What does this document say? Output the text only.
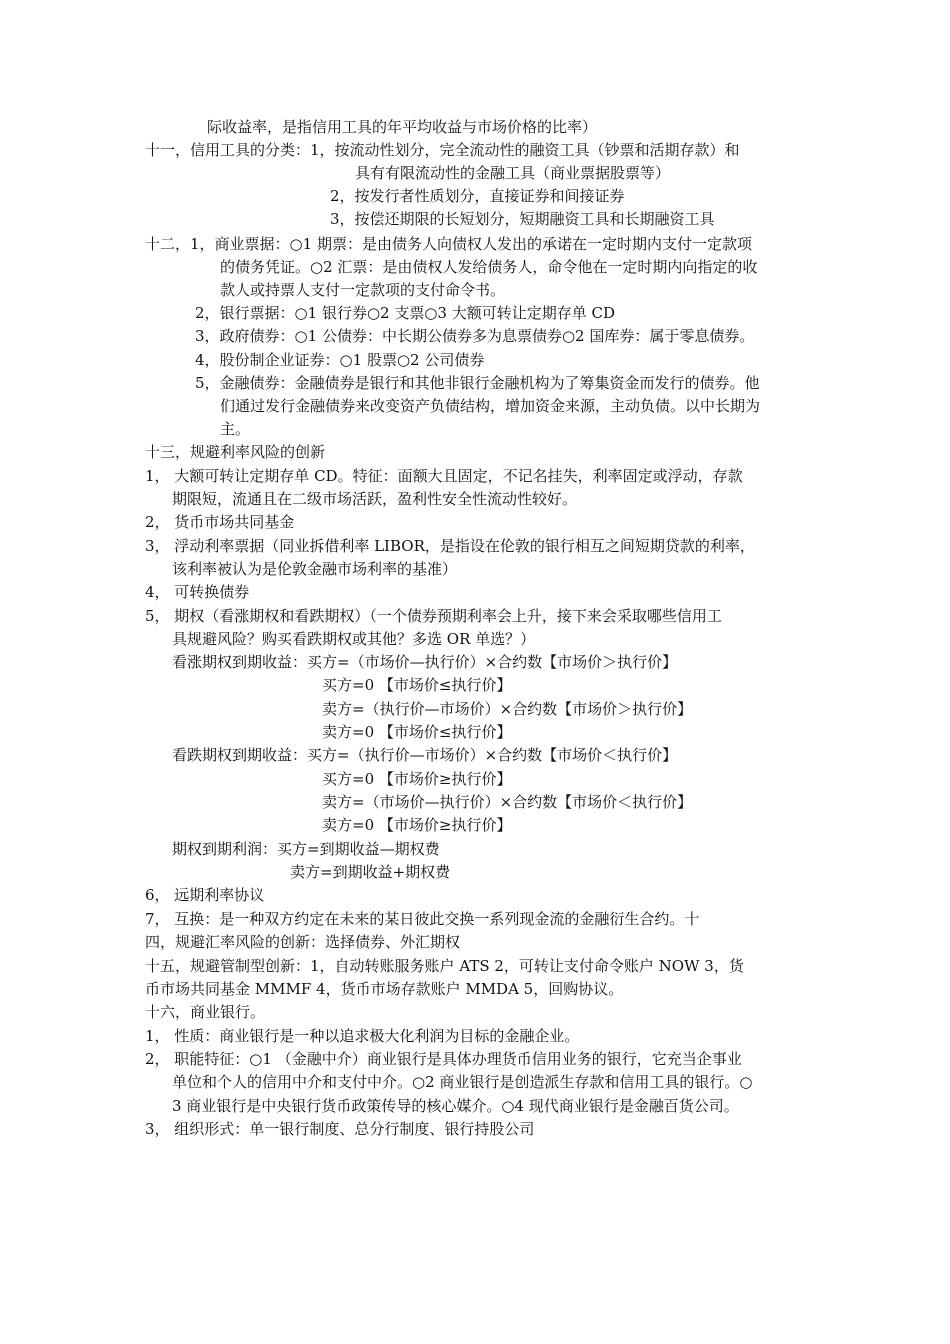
际收益率，是指信用工具的年平均收益与市场价格的比率）
十一，信用工具的分类：1，按流动性划分，完全流动性的融资工具（钞票和活期存款）和
具有有限流动性的金融工具（商业票据股票等）
2，按发行者性质划分，直接证券和间接证券
3，按偿还期限的长短划分，短期融资工具和长期融资工具
十二，1，商业票据：○1 期票：是由债务人向债权人发出的承诺在一定时期内支付一定款项
的债务凭证。○2 汇票：是由债权人发给债务人，命令他在一定时期内向指定的收
款人或持票人支付一定款项的支付命令书。
2，银行票据：○1 银行券○2 支票○3 大额可转让定期存单 CD
3，政府债券：○1 公债券：中长期公债券多为息票债券○2 国库券：属于零息债券。
4，股份制企业证券：○1 股票○2 公司债券
5，金融债券：金融债券是银行和其他非银行金融机构为了筹集资金而发行的债券。他
们通过发行金融债券来改变资产负债结构，增加资金来源，主动负债。以中长期为
主。
十三，规避利率风险的创新
1， 大额可转让定期存单 CD。特征：面额大且固定，不记名挂失，利率固定或浮动，存款
期限短，流通且在二级市场活跃，盈利性安全性流动性较好。
2， 货币市场共同基金
3， 浮动利率票据（同业拆借利率 LIBOR，是指设在伦敦的银行相互之间短期贷款的利率，
该利率被认为是伦敦金融市场利率的基准）
4， 可转换债券
5， 期权（看涨期权和看跌期权）（一个债券预期利率会上升，接下来会采取哪些信用工
具规避风险？购买看跌期权或其他？多选 OR 单选？）
看涨期权到期收益：买方=（市场价—执行价）×合约数【市场价＞执行价】
买方=0 【市场价≤执行价】
卖方=（执行价—市场价）×合约数【市场价＞执行价】
卖方=0 【市场价≤执行价】
看跌期权到期收益：买方=（执行价—市场价）×合约数【市场价＜执行价】
买方=0 【市场价≥执行价】
卖方=（市场价—执行价）×合约数【市场价＜执行价】
卖方=0 【市场价≥执行价】
期权到期利润：买方=到期收益—期权费
卖方=到期收益+期权费
6， 远期利率协议
7， 互换：是一种双方约定在未来的某日彼此交换一系列现金流的金融衍生合约。十
四，规避汇率风险的创新：选择债券、外汇期权
十五，规避管制型创新：1，自动转账服务账户 ATS 2，可转让支付命令账户 NOW 3，货
币市场共同基金 MMMF 4，货币市场存款账户 MMDA 5，回购协议。
十六，商业银行。
1， 性质：商业银行是一种以追求极大化利润为目标的金融企业。
2， 职能特征：○1 （金融中介）商业银行是具体办理货币信用业务的银行，它充当企事业
单位和个人的信用中介和支付中介。○2 商业银行是创造派生存款和信用工具的银行。○
3 商业银行是中央银行货币政策传导的核心媒介。○4 现代商业银行是金融百货公司。
3， 组织形式：单一银行制度、总分行制度、银行持股公司
